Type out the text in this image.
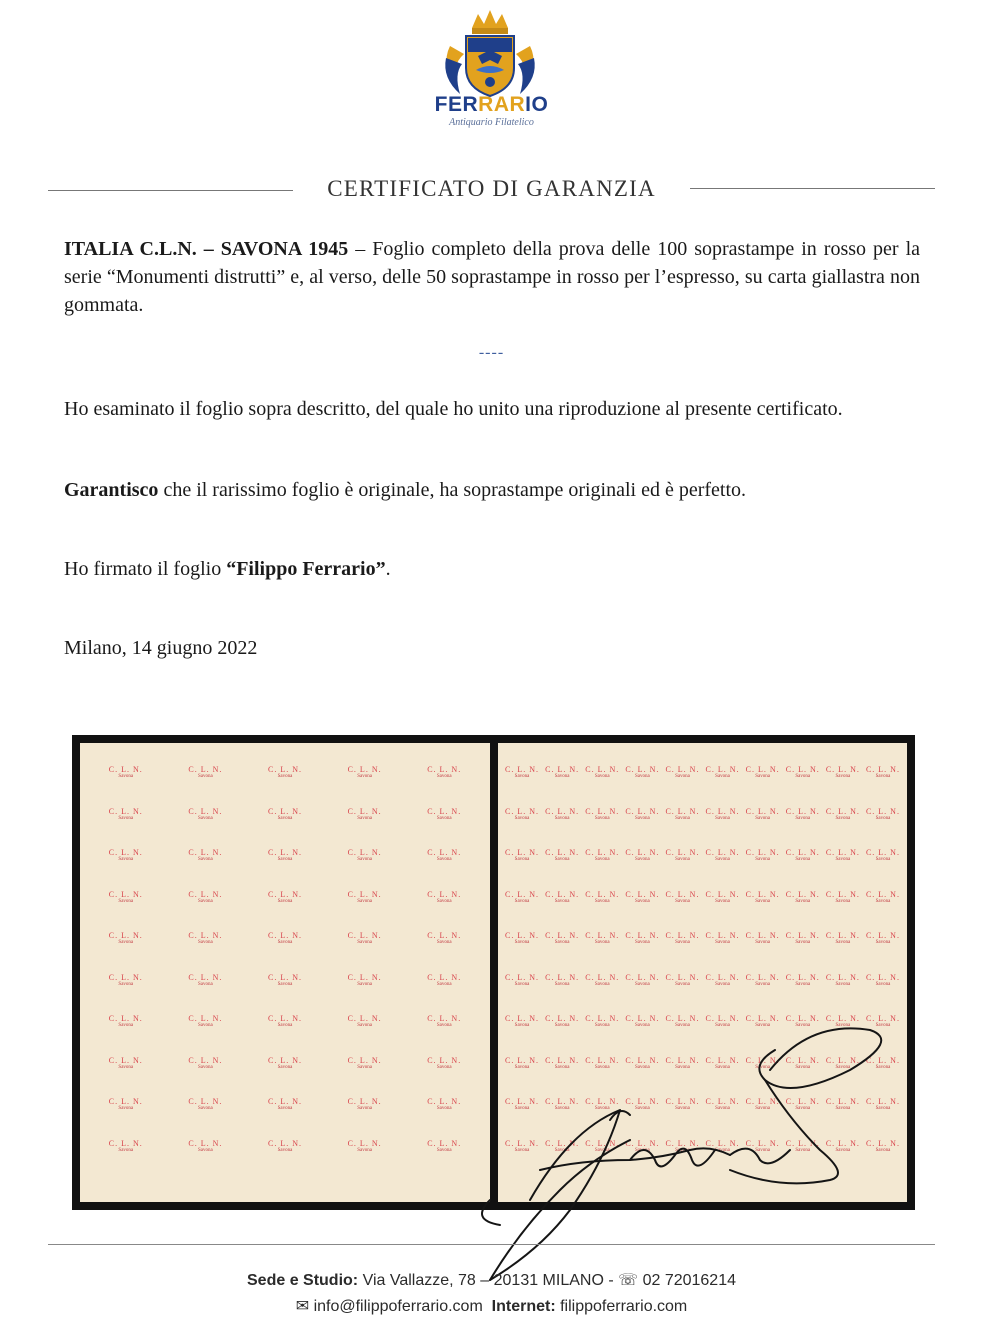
FERRARIO
Antiquario Filatelico
CERTIFICATO DI GARANZIA
ITALIA C.L.N. – SAVONA 1945 – Foglio completo della prova delle 100 soprastampe in rosso per la serie “Monumenti distrutti” e, al verso, delle 50 soprastampe in rosso per l’espresso, su carta giallastra non gommata.
----
Ho esaminato il foglio sopra descritto, del quale ho unito una riproduzione al presente certificato.
Garantisco che il rarissimo foglio è originale, ha soprastampe originali ed è perfetto.
Ho firmato il foglio “Filippo Ferrario”.
Milano, 14 giugno 2022
C. L. N.
Savona
C. L. N.
Savona
C. L. N.
Savona
C. L. N.
Savona
C. L. N.
Savona
C. L. N.
Savona
C. L. N.
Savona
C. L. N.
Savona
C. L. N.
Savona
C. L. N.
Savona
C. L. N.
Savona
C. L. N.
Savona
C. L. N.
Savona
C. L. N.
Savona
C. L. N.
Savona
C. L. N.
Savona
C. L. N.
Savona
C. L. N.
Savona
C. L. N.
Savona
C. L. N.
Savona
C. L. N.
Savona
C. L. N.
Savona
C. L. N.
Savona
C. L. N.
Savona
C. L. N.
Savona
C. L. N.
Savona
C. L. N.
Savona
C. L. N.
Savona
C. L. N.
Savona
C. L. N.
Savona
C. L. N.
Savona
C. L. N.
Savona
C. L. N.
Savona
C. L. N.
Savona
C. L. N.
Savona
C. L. N.
Savona
C. L. N.
Savona
C. L. N.
Savona
C. L. N.
Savona
C. L. N.
Savona
C. L. N.
Savona
C. L. N.
Savona
C. L. N.
Savona
C. L. N.
Savona
C. L. N.
Savona
C. L. N.
Savona
C. L. N.
Savona
C. L. N.
Savona
C. L. N.
Savona
C. L. N.
Savona
C. L. N.
Savona
C. L. N.
Savona
C. L. N.
Savona
C. L. N.
Savona
C. L. N.
Savona
C. L. N.
Savona
C. L. N.
Savona
C. L. N.
Savona
C. L. N.
Savona
C. L. N.
Savona
C. L. N.
Savona
C. L. N.
Savona
C. L. N.
Savona
C. L. N.
Savona
C. L. N.
Savona
C. L. N.
Savona
C. L. N.
Savona
C. L. N.
Savona
C. L. N.
Savona
C. L. N.
Savona
C. L. N.
Savona
C. L. N.
Savona
C. L. N.
Savona
C. L. N.
Savona
C. L. N.
Savona
C. L. N.
Savona
C. L. N.
Savona
C. L. N.
Savona
C. L. N.
Savona
C. L. N.
Savona
C. L. N.
Savona
C. L. N.
Savona
C. L. N.
Savona
C. L. N.
Savona
C. L. N.
Savona
C. L. N.
Savona
C. L. N.
Savona
C. L. N.
Savona
C. L. N.
Savona
C. L. N.
Savona
C. L. N.
Savona
C. L. N.
Savona
C. L. N.
Savona
C. L. N.
Savona
C. L. N.
Savona
C. L. N.
Savona
C. L. N.
Savona
C. L. N.
Savona
C. L. N.
Savona
C. L. N.
Savona
C. L. N.
Savona
C. L. N.
Savona
C. L. N.
Savona
C. L. N.
Savona
C. L. N.
Savona
C. L. N.
Savona
C. L. N.
Savona
C. L. N.
Savona
C. L. N.
Savona
C. L. N.
Savona
C. L. N.
Savona
C. L. N.
Savona
C. L. N.
Savona
C. L. N.
Savona
C. L. N.
Savona
C. L. N.
Savona
C. L. N.
Savona
C. L. N.
Savona
C. L. N.
Savona
C. L. N.
Savona
C. L. N.
Savona
C. L. N.
Savona
C. L. N.
Savona
C. L. N.
Savona
C. L. N.
Savona
C. L. N.
Savona
C. L. N.
Savona
C. L. N.
Savona
C. L. N.
Savona
C. L. N.
Savona
C. L. N.
Savona
C. L. N.
Savona
C. L. N.
Savona
C. L. N.
Savona
C. L. N.
Savona
C. L. N.
Savona
C. L. N.
Savona
C. L. N.
Savona
C. L. N.
Savona
C. L. N.
Savona
C. L. N.
Savona
C. L. N.
Savona
C. L. N.
Savona
C. L. N.
Savona
C. L. N.
Savona
C. L. N.
Savona
C. L. N.
Savona
C. L. N.
Savona
C. L. N.
Savona
C. L. N.
Savona
Sede e Studio: Via Vallazze, 78 – 20131 MILANO - ☏ 02 72016214
✉ info@filippoferrario.com Internet: filippoferrario.com
